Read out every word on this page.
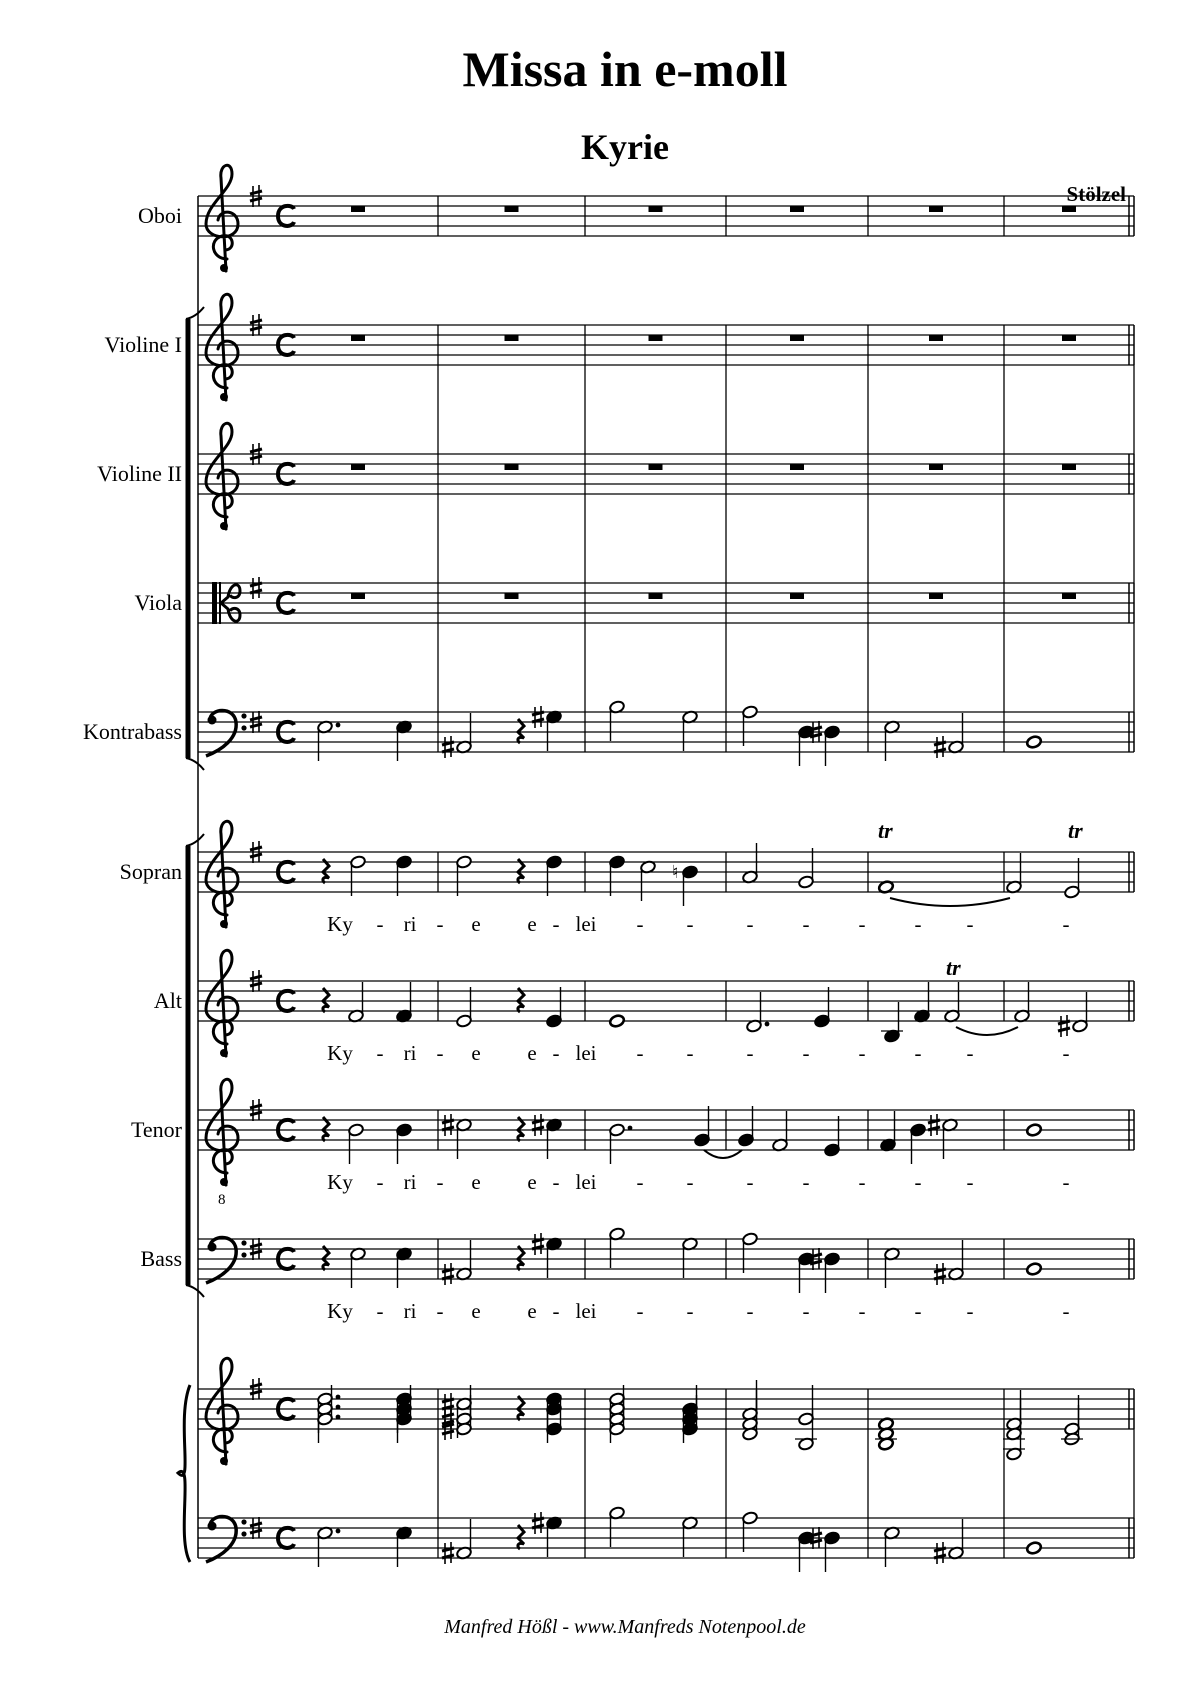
Missa in e-moll
Kyrie
Stölzel
8
Oboi
Violine I
Violine II
Viola
Kontrabass
Sopran
Alt
Tenor
Bass
♮
tr	tr
tr
Ky - ri - e e - lei - -	- - - - -	-
Ky - ri - e e - lei - -	- - - - -	-
Ky - ri - e e - lei - -	- - - - -	-
Ky - ri - e e - lei - -	- - - - -	-
Manfred Hößl - www.Manfreds Notenpool.de
